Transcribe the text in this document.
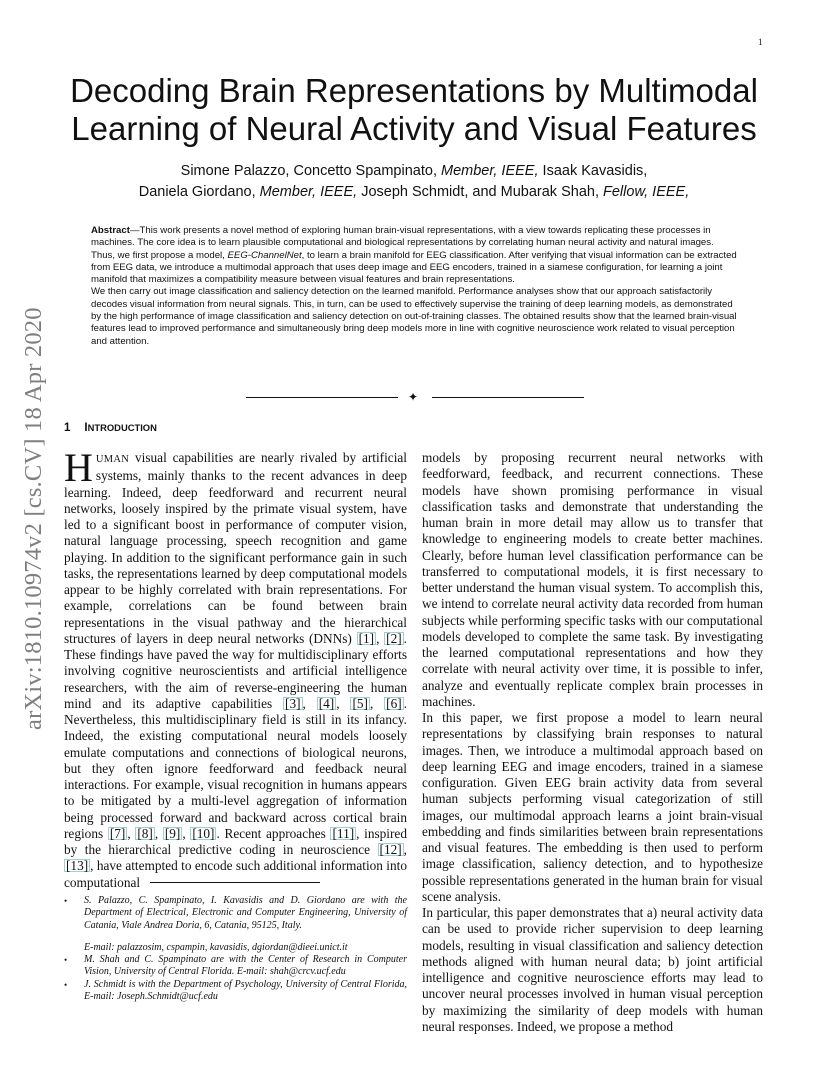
1
arXiv:1810.10974v2 [cs.CV] 18 Apr 2020
Decoding Brain Representations by Multimodal
Learning of Neural Activity and Visual Features
Simone Palazzo, Concetto Spampinato, Member, IEEE, Isaak Kavasidis,
Daniela Giordano, Member, IEEE, Joseph Schmidt, and Mubarak Shah, Fellow, IEEE,

Abstract—This work presents a novel method of exploring human brain-visual representations, with a view towards replicating these processes in machines. The core idea is to learn plausible computational and biological representations by correlating human neural activity and natural images. Thus, we first propose a model, EEG-ChannelNet, to learn a brain manifold for EEG classification. After verifying that visual information can be extracted from EEG data, we introduce a multimodal approach that uses deep image and EEG encoders, trained in a siamese configuration, for learning a joint manifold that maximizes a compatibility measure between visual features and brain representations.

We then carry out image classification and saliency detection on the learned manifold. Performance analyses show that our approach satisfactorily decodes visual information from neural signals. This, in turn, can be used to effectively supervise the training of deep learning models, as demonstrated by the high performance of image classification and saliency detection on out-of-training classes. The obtained results show that the learned brain-visual features lead to improved performance and simultaneously bring deep models more in line with cognitive neuroscience work related to visual perception and attention.

✦
1 INTRODUCTION

HUMAN visual capabilities are nearly rivaled by artificial systems, mainly thanks to the recent advances in deep learning. Indeed, deep feedforward and recurrent neural networks, loosely inspired by the primate visual system, have led to a significant boost in performance of computer vision, natural language processing, speech recognition and game playing. In addition to the significant performance gain in such tasks, the representations learned by deep computational models appear to be highly correlated with brain representations. For example, correlations can be found between brain representations in the visual pathway and the hierarchical structures of layers in deep neural networks (DNNs) [1] , [2] . These findings have paved the way for multidisciplinary efforts involving cognitive neuroscientists and artificial intelligence researchers, with the aim of reverse-engineering the human mind and its adaptive capabilities [3] , [4] , [5] , [6] . Nevertheless, this multidisciplinary field is still in its infancy. Indeed, the existing computational neural models loosely emulate computations and connections of biological neurons, but they often ignore feedforward and feedback neural interactions. For example, visual recognition in humans appears to be mitigated by a multi-level aggregation of information being processed forward and backward across cortical brain regions [7] , [8] , [9] , [10] . Recent approaches [11] , inspired by the hierarchical predictive coding in neuroscience [12] , [13] , have attempted to encode such additional information into computational

models by proposing recurrent neural networks with feedforward, feedback, and recurrent connections. These models have shown promising performance in visual classification tasks and demonstrate that understanding the human brain in more detail may allow us to transfer that knowledge to engineering models to create better machines. Clearly, before human level classification performance can be transferred to computational models, it is first necessary to better understand the human visual system. To accomplish this, we intend to correlate neural activity data recorded from human subjects while performing specific tasks with our computational models developed to complete the same task. By investigating the learned computational representations and how they correlate with neural activity over time, it is possible to infer, analyze and eventually replicate complex brain processes in machines.

In this paper, we first propose a model to learn neural representations by classifying brain responses to natural images. Then, we introduce a multimodal approach based on deep learning EEG and image encoders, trained in a siamese configuration. Given EEG brain activity data from several human subjects performing visual categorization of still images, our multimodal approach learns a joint brain-visual embedding and finds similarities between brain representations and visual features. The embedding is then used to perform image classification, saliency detection, and to hypothesize possible representations generated in the human brain for visual scene analysis.

In particular, this paper demonstrates that a) neural activity data can be used to provide richer supervision to deep learning models, resulting in visual classification and saliency detection methods aligned with human neural data; b) joint artificial intelligence and cognitive neuroscience efforts may lead to uncover neural processes involved in human visual perception by maximizing the similarity of deep models with human neural responses. Indeed, we propose a method

• S. Palazzo, C. Spampinato, I. Kavasidis and D. Giordano are with the Department of Electrical, Electronic and Computer Engineering, University of Catania, Viale Andrea Doria, 6, Catania, 95125, Italy.
E-mail: palazzosim, cspampin, kavasidis, dgiordan@dieei.unict.it
• M. Shah and C. Spampinato are with the Center of Research in Computer Vision, University of Central Florida. E-mail: shah@crcv.ucf.edu
• J. Schmidt is with the Department of Psychology, University of Central Florida, E-mail: Joseph.Schmidt@ucf.edu
